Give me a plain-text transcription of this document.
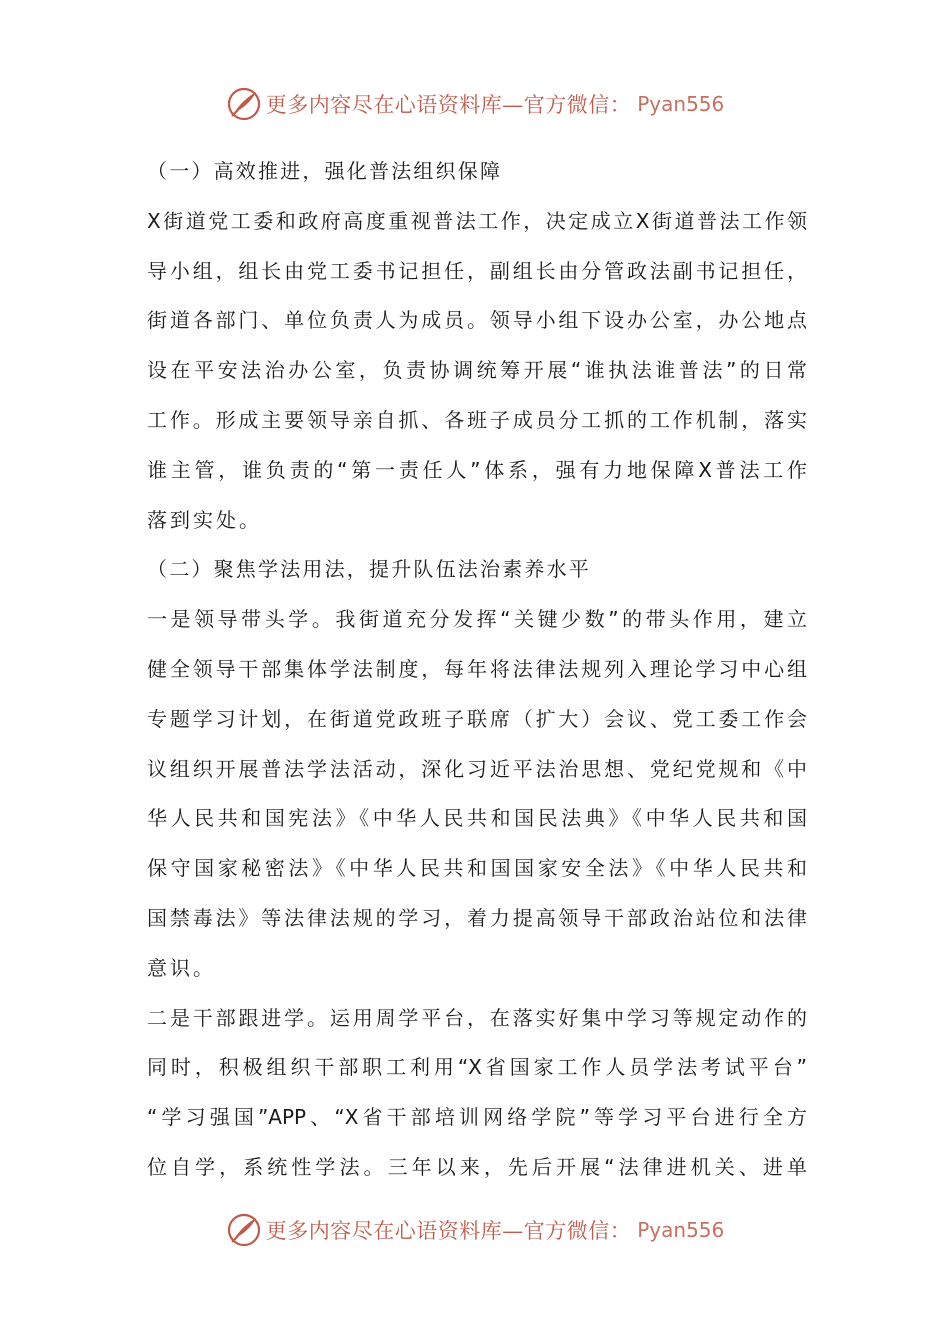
更多内容尽在心语资料库—官方微信： Pyan556
（一）高效推进，强化普法组织保障
X街道党工委和政府高度重视普法工作，决定成立X街道普法工作领
导小组，组长由党工委书记担任，副组长由分管政法副书记担任，
街道各部门、单位负责人为成员。领导小组下设办公室，办公地点
设在平安法治办公室，负责协调统筹开展“谁执法谁普法”的日常
工作。形成主要领导亲自抓、各班子成员分工抓的工作机制，落实
谁主管，谁负责的“第一责任人”体系，强有力地保障X普法工作
落到实处。
（二）聚焦学法用法，提升队伍法治素养水平
一是领导带头学。我街道充分发挥“关键少数”的带头作用，建立
健全领导干部集体学法制度，每年将法律法规列入理论学习中心组
专题学习计划，在街道党政班子联席（扩大）会议、党工委工作会
议组织开展普法学法活动，深化习近平法治思想、党纪党规和《中
华人民共和国宪法》《中华人民共和国民法典》《中华人民共和国
保守国家秘密法》《中华人民共和国国家安全法》《中华人民共和
国禁毒法》等法律法规的学习，着力提高领导干部政治站位和法律
意识。
二是干部跟进学。运用周学平台，在落实好集中学习等规定动作的
同时，积极组织干部职工利用“X省国家工作人员学法考试平台”
“学习强国”APP、“X省干部培训网络学院”等学习平台进行全方
位自学，系统性学法。三年以来，先后开展“法律进机关、进单
更多内容尽在心语资料库—官方微信： Pyan556
